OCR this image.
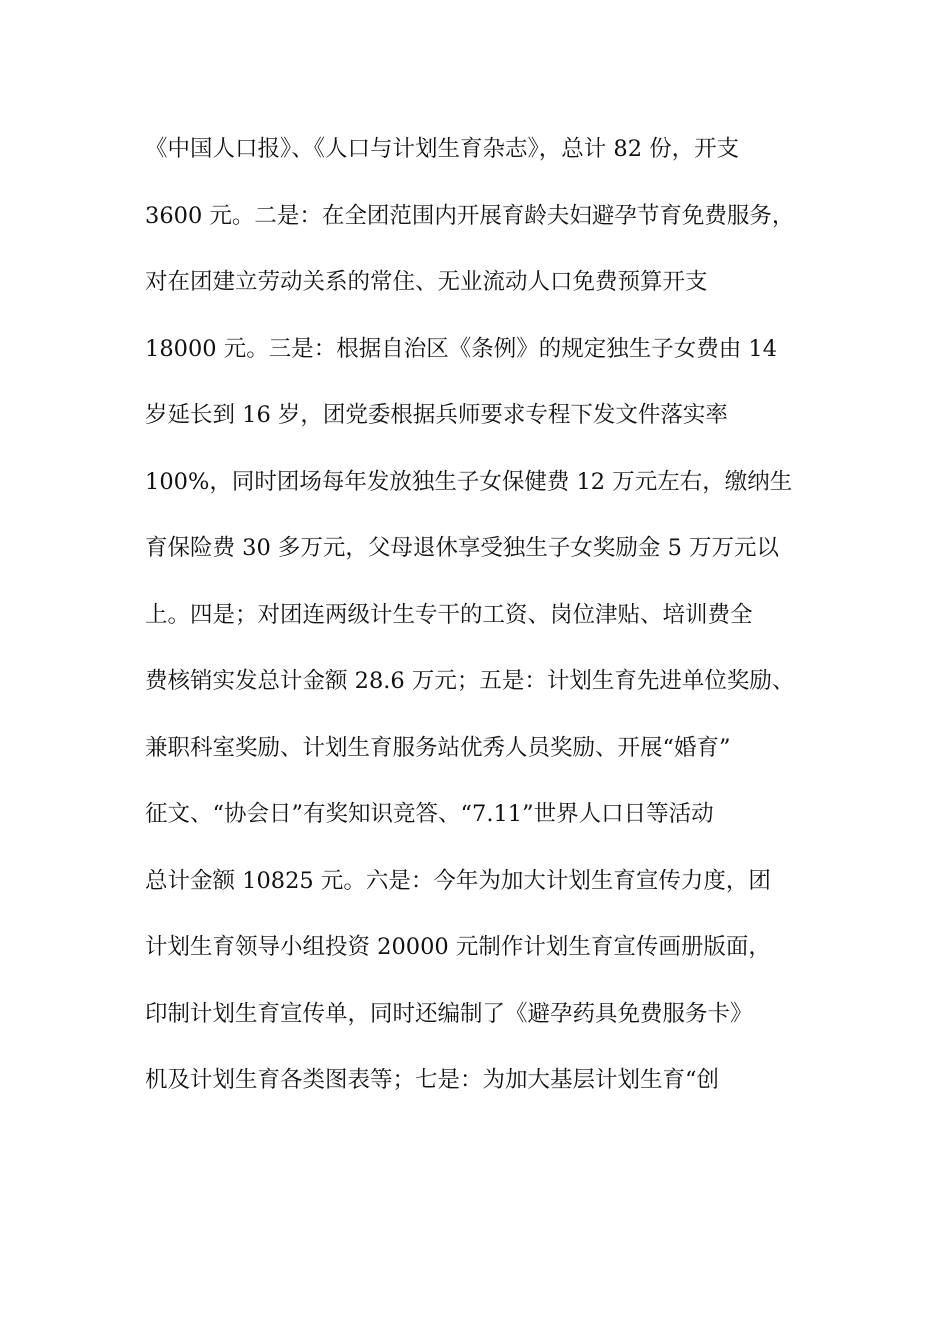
《中国人口报》、《人口与计划生育杂志》，总计 82 份，开支
3600 元。二是：在全团范围内开展育龄夫妇避孕节育免费服务，
对在团建立劳动关系的常住、无业流动人口免费预算开支
18000 元。三是：根据自治区《条例》的规定独生子女费由 14
岁延长到 16 岁，团党委根据兵师要求专程下发文件落实率
100%，同时团场每年发放独生子女保健费 12 万元左右，缴纳生
育保险费 30 多万元，父母退休享受独生子女奖励金 5 万万元以
上。四是；对团连两级计生专干的工资、岗位津贴、培训费全
费核销实发总计金额 28.6 万元；五是：计划生育先进单位奖励、
兼职科室奖励、计划生育服务站优秀人员奖励、开展“婚育”
征文、“协会日”有奖知识竞答、“7.11”世界人口日等活动
总计金额 10825 元。六是：今年为加大计划生育宣传力度，团
计划生育领导小组投资 20000 元制作计划生育宣传画册版面，
印制计划生育宣传单，同时还编制了《避孕药具免费服务卡》
机及计划生育各类图表等；七是：为加大基层计划生育“创
